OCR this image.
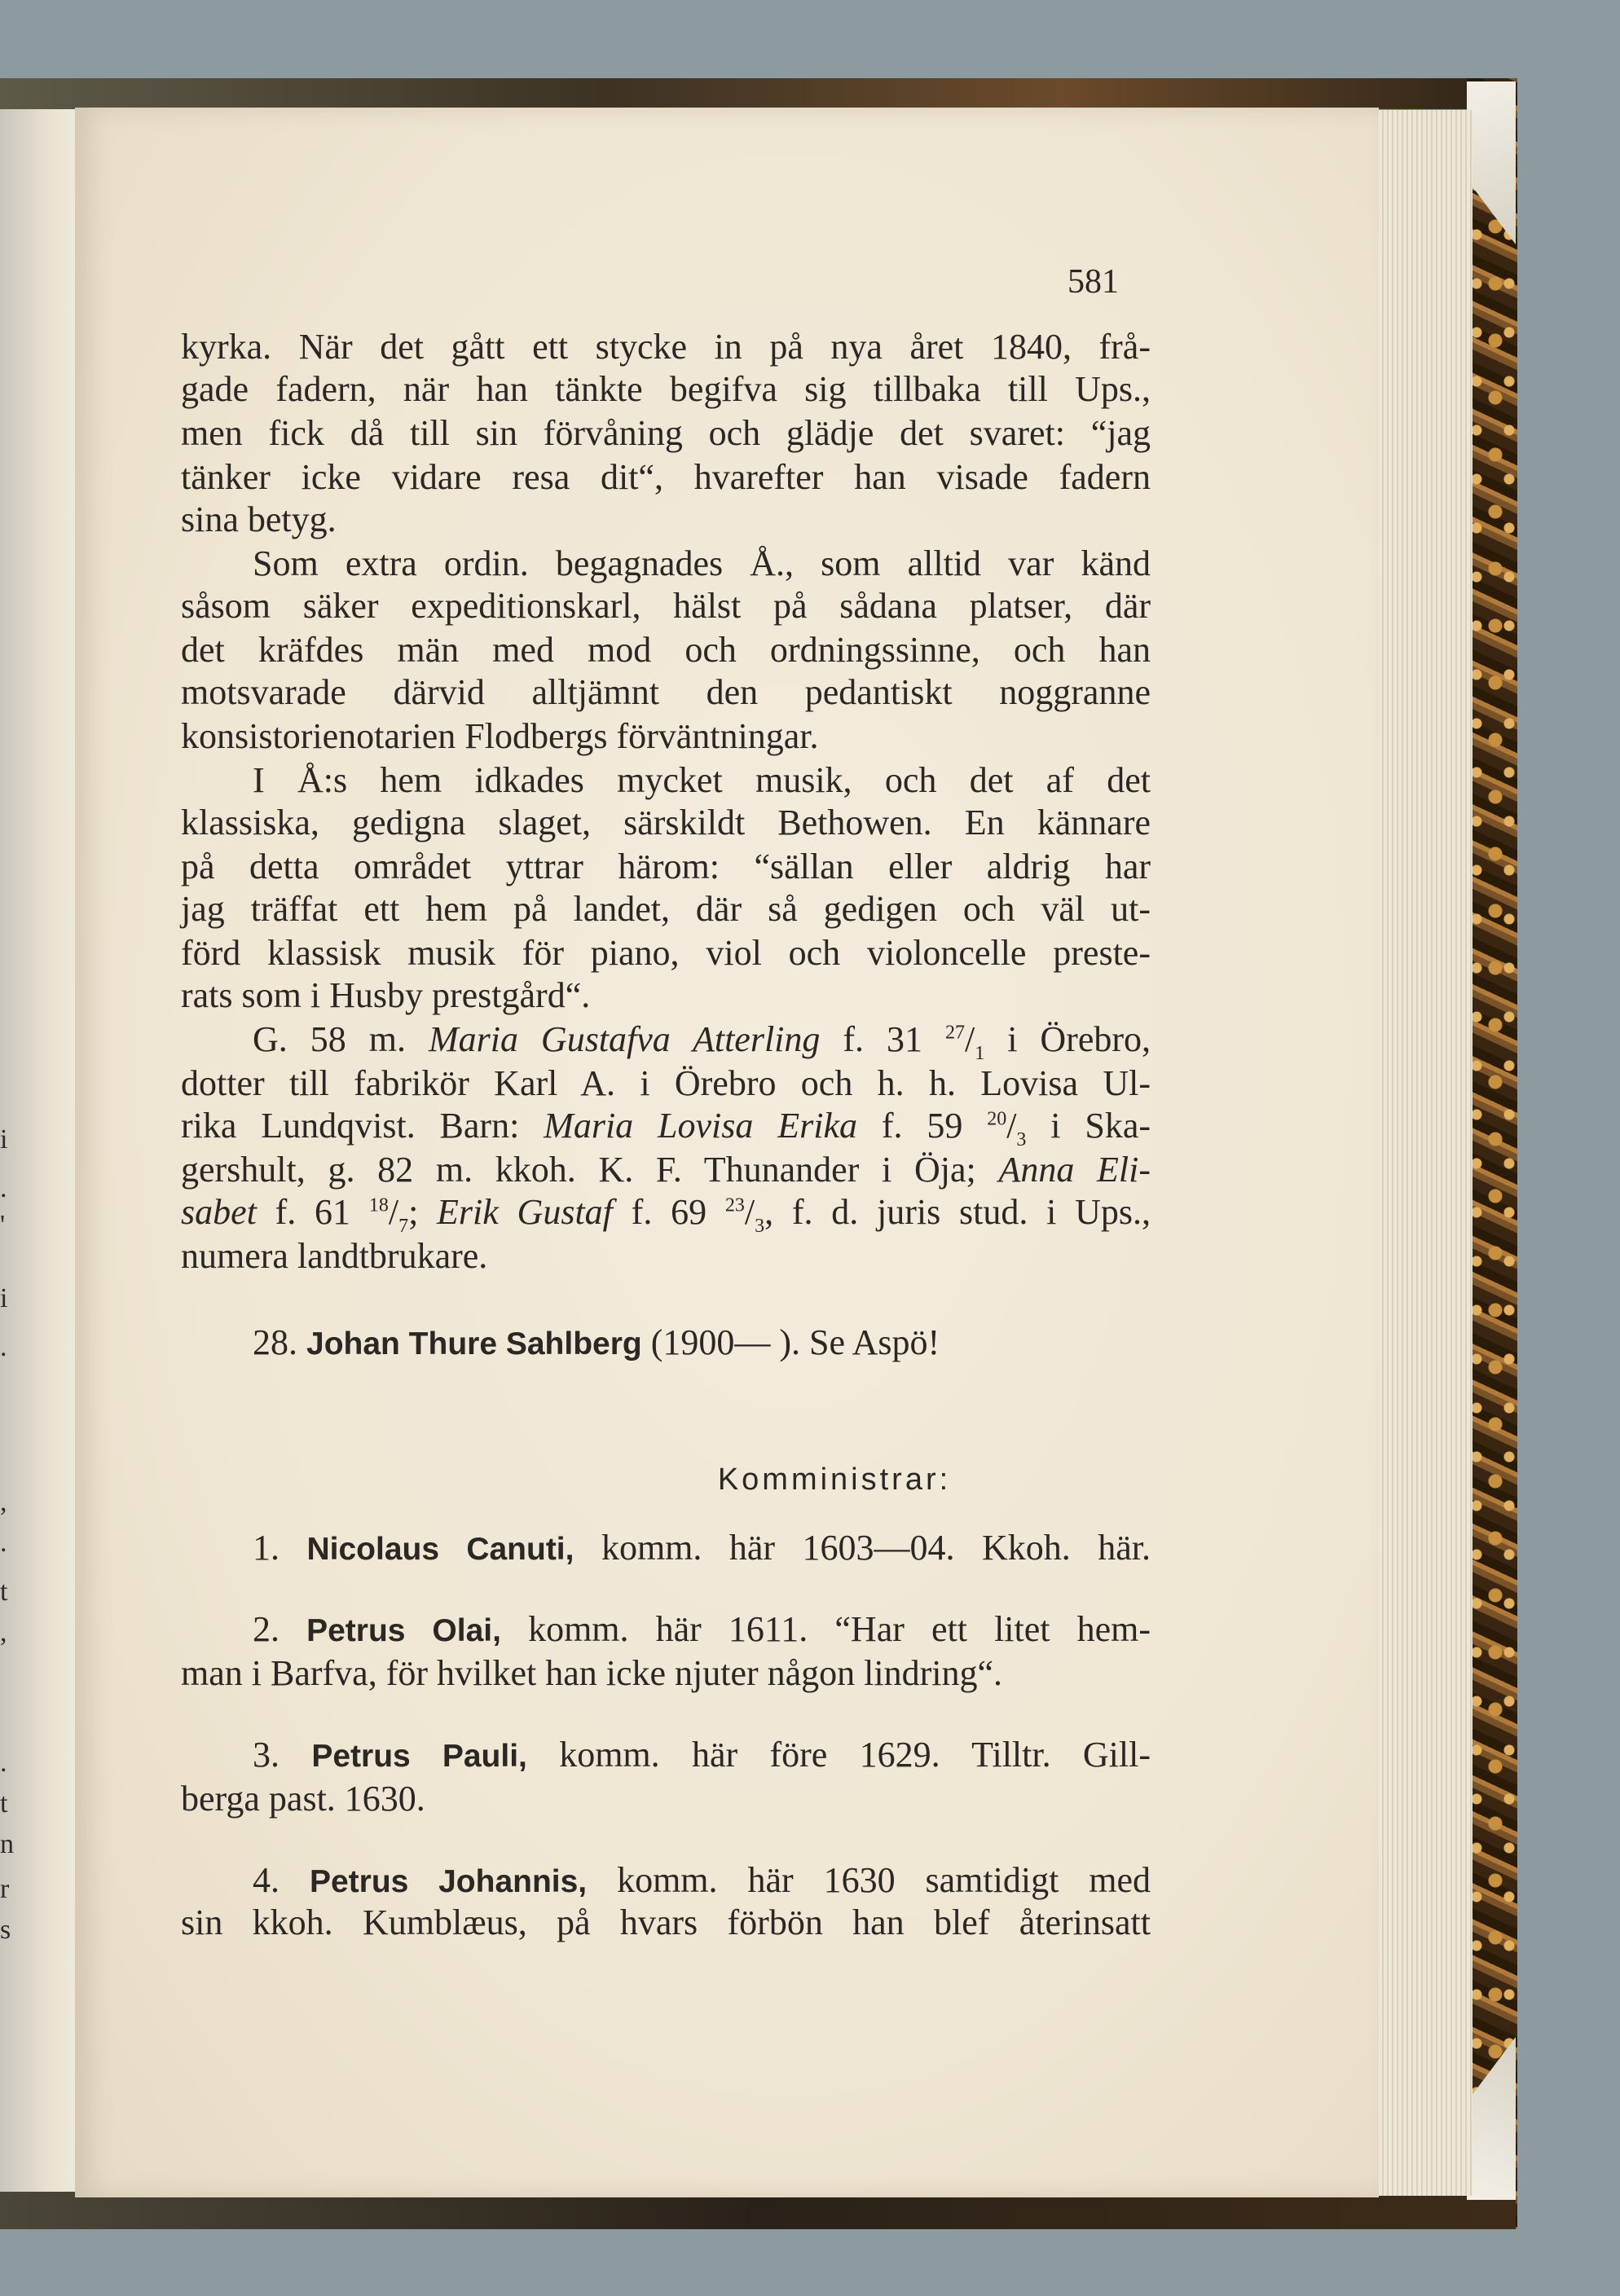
i
.
'
i
.
,
.
t
,
.
t
n
r
s
581
kyrka. När det gått ett stycke in på nya året 1840, frå-
gade fadern, när han tänkte begifva sig tillbaka till Ups.,
men fick då till sin förvåning och glädje det svaret: “jag
tänker icke vidare resa dit“, hvarefter han visade fadern
sina betyg.
Som extra ordin. begagnades Å., som alltid var känd
såsom säker expeditionskarl, hälst på sådana platser, där
det kräfdes män med mod och ordningssinne, och han
motsvarade därvid alltjämnt den pedantiskt noggranne
konsistorienotarien Flodbergs förväntningar.
I Å:s hem idkades mycket musik, och det af det
klassiska, gedigna slaget, särskildt Bethowen. En kännare
på detta området yttrar härom: “sällan eller aldrig har
jag träffat ett hem på landet, där så gedigen och väl ut-
förd klassisk musik för piano, viol och violoncelle preste-
rats som i Husby prestgård“.
G. 58 m. Maria Gustafva Atterling f. 31 $^{27}/_1$ i Örebro,
dotter till fabrikör Karl A. i Örebro och h. h. Lovisa Ul-
rika Lundqvist. Barn: Maria Lovisa Erika f. 59 $^{20}/_3$ i Ska-
gershult, g. 82 m. kkoh. K. F. Thunander i Öja; Anna Eli-
sabet f. 61 $^{18}/_7$; Erik Gustaf f. 69 $^{23}/_3$, f. d. juris stud. i Ups.,
numera landtbrukare.
28. Johan Thure Sahlberg (1900— ). Se Aspö!
Komministrar:
1. Nicolaus Canuti, komm. här 1603—04. Kkoh. här.
2. Petrus Olai, komm. här 1611. “Har ett litet hem-
man i Barfva, för hvilket han icke njuter någon lindring“.
3. Petrus Pauli, komm. här före 1629. Tilltr. Gill-
berga past. 1630.
4. Petrus Johannis, komm. här 1630 samtidigt med
sin kkoh. Kumblæus, på hvars förbön han blef återinsatt
